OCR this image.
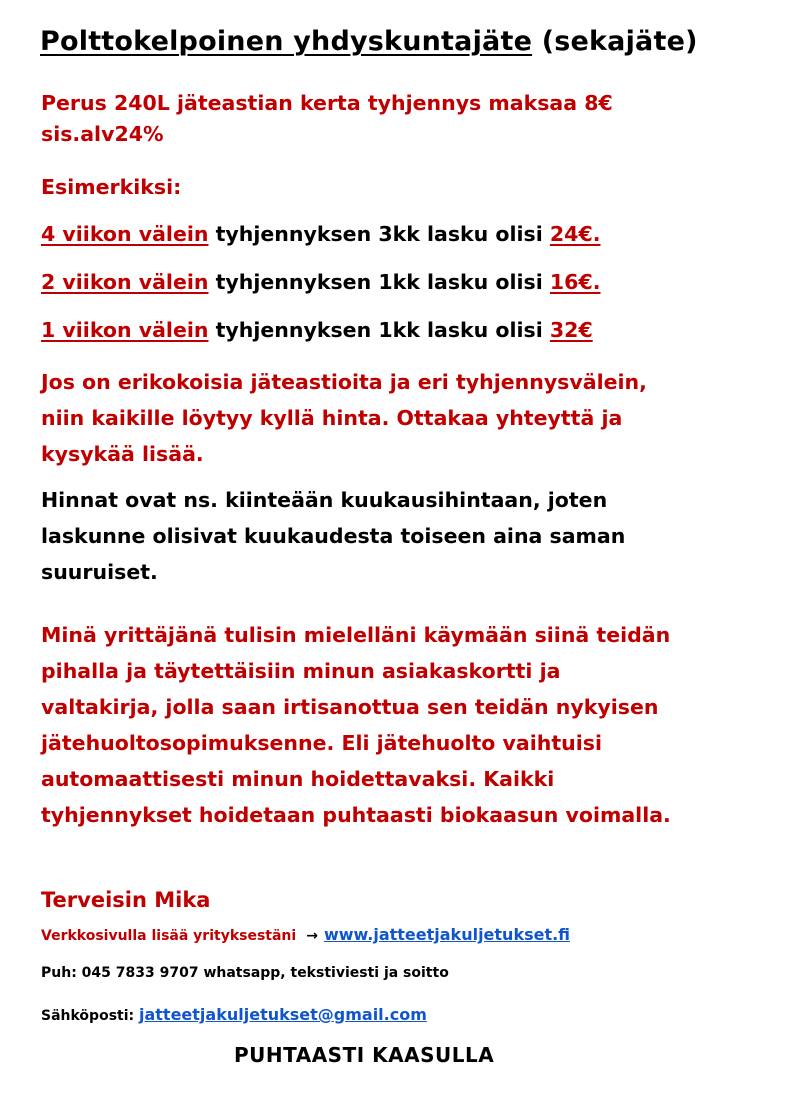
Polttokelpoinen yhdyskuntajäte (sekajäte)
Perus 240L jäteastian kerta tyhjennys maksaa 8€
sis.alv24%
Esimerkiksi:
4 viikon välein tyhjennyksen 3kk lasku olisi 24€.
2 viikon välein tyhjennyksen 1kk lasku olisi 16€.
1 viikon välein tyhjennyksen 1kk lasku olisi 32€
Jos on erikokoisia jäteastioita ja eri tyhjennysvälein,
niin kaikille löytyy kyllä hinta. Ottakaa yhteyttä ja
kysykää lisää.
Hinnat ovat ns. kiinteään kuukausihintaan, joten
laskunne olisivat kuukaudesta toiseen aina saman
suuruiset.
Minä yrittäjänä tulisin mielelläni käymään siinä teidän
pihalla ja täytettäisiin minun asiakaskortti ja
valtakirja, jolla saan irtisanottua sen teidän nykyisen
jätehuoltosopimuksenne. Eli jätehuolto vaihtuisi
automaattisesti minun hoidettavaksi. Kaikki
tyhjennykset hoidetaan puhtaasti biokaasun voimalla.
Terveisin Mika
Verkkosivulla lisää yrityksestäni → www.jatteetjakuljetukset.fi
Puh: 045 7833 9707 whatsapp, tekstiviesti ja soitto
Sähköposti: jatteetjakuljetukset@gmail.com
PUHTAASTI KAASULLA
